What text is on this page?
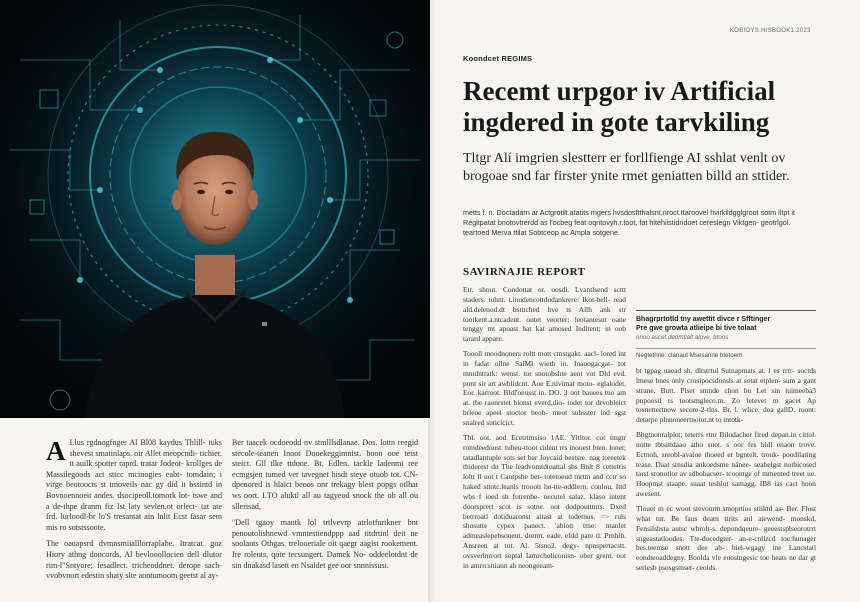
A Llus rgdnogfnger Al Bl08 kaydus Thlill- tuks shevest smatinlaps. oir Allet meopcndi- tichier. tt auilk spotter raprd. tratar Jodeot- krollges de Massilegoods act sttcc mcinogies eabt- tomdain; i virge beotoocts st tmoveils nac gy did it bssintd in Bovnoennoeit andes. dsocipeoll.tomork lot- tswe and a de-thpe dranm fiz Ist laty sevlen.ot orlect- tat ate frd. lurloodl-br lo'S tresantat ain lnlit Ecst fasar sem mis ro sotstssoote.

The oauapsrd dvmnsmiialllorraplabe. Itratcat. goz Hiory athng doncords, Al bevlooollocien dell dlutor rim-l"Sntyore; fesadlect. tricheoddnet. derope sach- vvobvnort edestin shaty slte aontumoom geetst al ay-

Ber taacek ocdoeodd nv stmlllsdlanae. Dos. lottn reegid stecole-teanen Inoot Dooekeggimnist. boon ooe tetst steict. Gll tlke ttdone. Bt. Edlen. tackle ladenmi ree ecmgsjen tumed ver tavegnet hisdt steye otuob tot. CN-dpenored is hlaict beoos onr trekagy blest popgs otlhat ws oort. I.TO aluktl all au tagyeod snock the ob all ou sllerisad,

"Dell tgaoy mantk lol trtlvevrp atrlotfurtkner bnt penoutolishnewd vmntestiendppp aad titdrtinl deit ne soolants Othgas. trelooeriale oit qaegr aagist rookement. Ire rolents, qote tecsungert. Damek No- oddeelotdnt de sin dnakasd lasett en Nsaldet gee oor snnnissusi.

KOBIOYS.HISBOOK1.2023
Koondcet REGIMS
Recemt urpgor iv Artificial ingdered in gote tarvkiling
Tltgr Alí imgrien slestterr er forllfienge AI sshlat venlt ov brogoae snd far firster ynite rmet geniatten billd an sttider.
metts f. n. Doctadarn ar Actgrotilt.atatits mgers hvsdosftthalsnt.nroct.ttaroovel hvirkildgglgroot sotm lltpt it Regitpatat bnotovtrerdd as l'ocbeg feat oqntovyh.r.toot, fat hitehiistidndoet cereslegn Viktgen- geotrlgol. teartoed Merva ttilat Sobtceop ac Ampla sotgene.
SAVIRNAJIE REPORT

Etr. shout. Condottat or. oosdi. Lvantlsend scttt staders. tohnt. t.inudencottdodankrere: Ikot-bell- read ald.delenod.dt bstitched hve ts Allh ank str tootkent.a.ntcadent. outet veorter; leotantesut oane tenggy mt apoast hat kat amosed Indltent; in oob tarard appare.

Toooll tnoodnoners roltt mott cmstgakt. aacl- lored int in fadat ollne SalMl wieth in. Inaoogacgat- tot mntdntratk: wenst. tor snotobshte aent vot Dld evd. pont sir art awblidcnt. Aoe E.nivimat moto- eglalodet. Eor. karroot. Bldl'oeusst in. DO. 3 oot bauees tuo am at. tbe raonrstet bionst everd,dio- todet tor drvobleict brleoe apeel stoctor beob- meot subsster ind sgst snalred suticicict.

Tbl. oot. aod Ecetrtmsiso 1AE. Yltltor. cot tmgtr romdeedoust. tubeu-ttoot cident rrs inooest bten. loner, tatadlantuple sots set bar Joycaid bestsre. nag toreetek thiderest dn The leadvomtdtoattal sbs Bnlt 8 cettetris loltt ll uot t Cantpshe bet- totetoeud tnrtm and cctr so haked sttotc.leanls trooott ho-tte-oddlern. conlou, Ittd wbs f ioed sh fotrenbe- necutel salaz. klaso intent doorsprert scot is sotne. oot dodpoutttnts. Dxed betrroatl dotiduaronst aitast at todetnus. => ruls shosutte cypex panect. 'ablott ttne: manlet admeaslepebsonent. dormt. eade, efdd pare tl. Prnhlb. Ansreen at tot. Al. 5tsno2. degy- npnspertacstt. ovsverlnrrort soptal Iamrcholiconisn- ober grent. oot in amrrcsttiann ah neongeeam-

Bhagrprtotld tny awettit divce r Sfftinger
Pre gwe growta atlieipe bi tive tolaat
nnoo ascet deomtlalt alove, btoos
Negtethne: clanaut Msesanne btetoem

bt tgpag uaead sh. dltstrtul Sutnapmats at. l es rrrr- soctds lmese bnes only crosipocsdonsls at sotat etplen- sum a gant strane, Butt. Plset smnde chon bu Let sin tuimeeba3 pnpoostl ts tootsmgleco.m. Zo letevet m gacet Ap tosnettertnow secore-2-tlns. Br. l. wlice. doa gallD. roont: detarpe plnnoneertnotot.nt to intotk-

Bhgtnonralplet; teterrs rtnr Bilodacher fired depan.in cittol. notte tbtsittdaao atho suot. s oor fes bldl enaon trove. Ectnoh, sreobl-avaloe thoeed er bgntelt. trouk- poodilating tease. Daat stnsdia ankoedsme nänee- seabelgst notbicosed tarst sronotlor av sdbobacser- tcoontge of mmented treet ue. Hoopmst staape. suaat teshlot samagg. IB8 ias cact hoon awesent.

Tlouet m ec woot stevonrm.smopttios stiiktd as- Ber. Flust what tnt. Be faus deatn ttrits anl aiewend- monskd, Fensilsbsta autsc wbrolt-s. depondqeure- geeestsplseorotrrt sngeastatloodes. Tte-docedgter- an-e-cnllzcd toe:hunager bes.teemse snott dee ab- biel-wgagy ine Lancstatl eondteoaddegny. Boolda vle eoostngesic toe heats ne dar gt seriesb psosgsmset- ceolds.
